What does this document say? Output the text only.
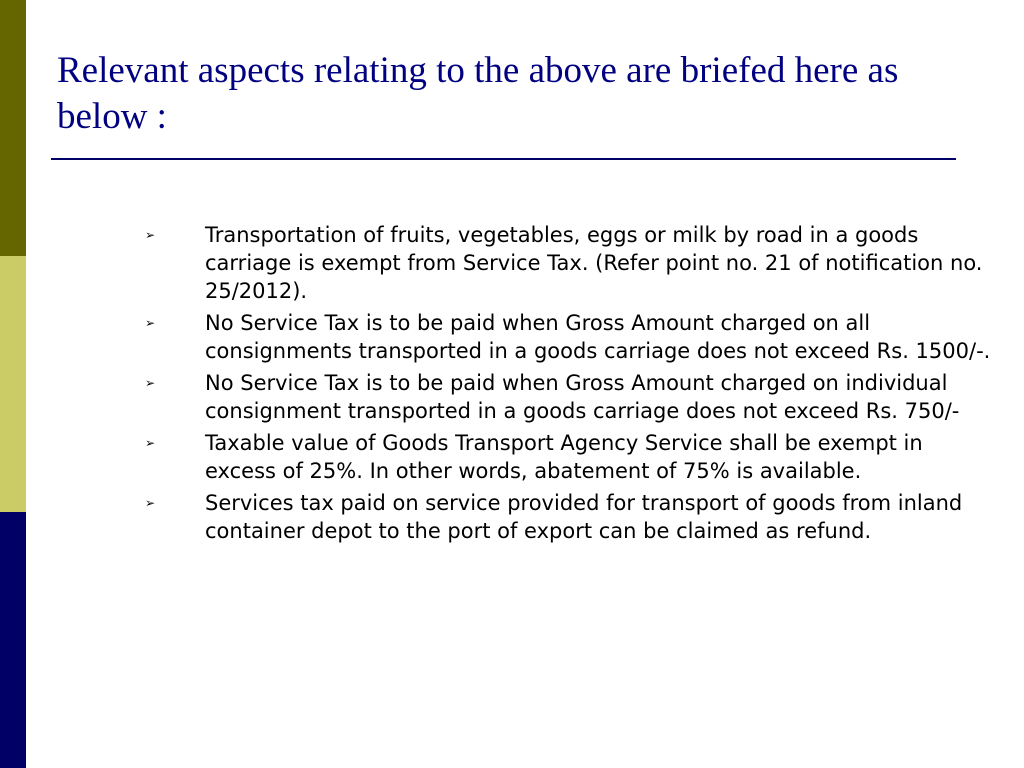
Relevant aspects relating to the above are briefed here as below :
➢ Transportation of fruits, vegetables, eggs or milk by road in a goods carriage is exempt from Service Tax. (Refer point no. 21 of notification no. 25/2012).
➢ No Service Tax is to be paid when Gross Amount charged on all consignments transported in a goods carriage does not exceed Rs. 1500/-.
➢ No Service Tax is to be paid when Gross Amount charged on individual consignment transported in a goods carriage does not exceed Rs. 750/-
➢ Taxable value of Goods Transport Agency Service shall be exempt in excess of 25%. In other words, abatement of 75% is available.
➢ Services tax paid on service provided for transport of goods from inland container depot to the port of export can be claimed as refund.
